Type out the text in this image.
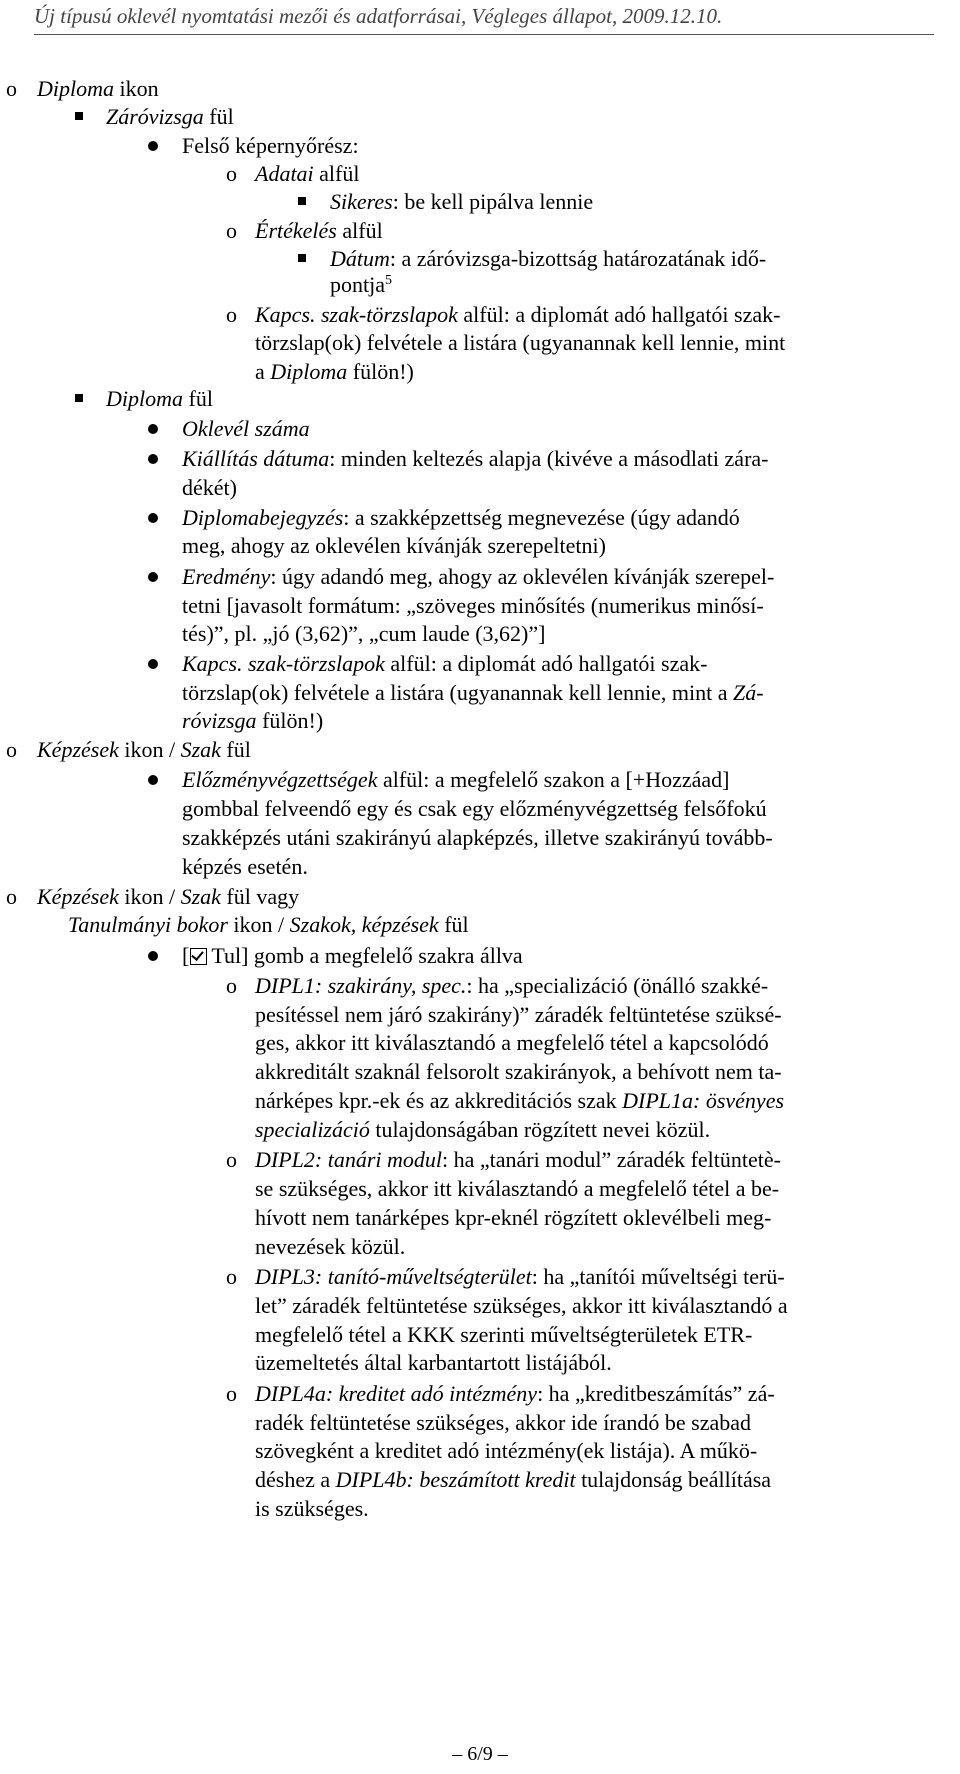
Új típusú oklevél nyomtatási mezői és adatforrásai, Végleges állapot, 2009.12.10.
o Diploma ikon
Záróvizsga fül
Felső képernyőrész:
o Adatai alfül
Sikeres: be kell pipálva lennie
o Értékelés alfül
Dátum: a záróvizsga-bizottság határozatának idő-
pontja$^5$
o Kapcs. szak-törzslapok alfül: a diplomát adó hallgatói szak-
törzslap(ok) felvétele a listára (ugyanannak kell lennie, mint
a Diploma fülön!)
Diploma fül
Oklevél száma
Kiállítás dátuma: minden keltezés alapja (kivéve a másodlati zára-
dékét)
Diplomabejegyzés: a szakképzettség megnevezése (úgy adandó
meg, ahogy az oklevélen kívánják szerepeltetni)
Eredmény: úgy adandó meg, ahogy az oklevélen kívánják szerepel-
tetni [javasolt formátum: „szöveges minősítés (numerikus minősí-
tés)”, pl. „jó (3,62)”, „cum laude (3,62)”]
Kapcs. szak-törzslapok alfül: a diplomát adó hallgatói szak-
törzslap(ok) felvétele a listára (ugyanannak kell lennie, mint a Zá-
róvizsga fülön!)
o Képzések ikon / Szak fül
Előzményvégzettségek alfül: a megfelelő szakon a [+Hozzáad]
gombbal felveendő egy és csak egy előzményvégzettség felsőfokú
szakképzés utáni szakirányú alapképzés, illetve szakirányú tovább-
képzés esetén.
o Képzések ikon / Szak fül vagy
Tanulmányi bokor ikon / Szakok, képzések fül
[ Tul] gomb a megfelelő szakra állva
o DIPL1: szakirány, spec.: ha „specializáció (önálló szakké-
pesítéssel nem járó szakirány)” záradék feltüntetése szüksé-
ges, akkor itt kiválasztandó a megfelelő tétel a kapcsolódó
akkreditált szaknál felsorolt szakirányok, a behívott nem ta-
nárképes kpr.-ek és az akkreditációs szak DIPL1a: ösvényes
specializáció tulajdonságában rögzített nevei közül.
o DIPL2: tanári modul: ha „tanári modul” záradék feltüntetè-
se szükséges, akkor itt kiválasztandó a megfelelő tétel a be-
hívott nem tanárképes kpr-eknél rögzített oklevélbeli meg-
nevezések közül.
o DIPL3: tanító-műveltségterület: ha „tanítói műveltségi terü-
let” záradék feltüntetése szükséges, akkor itt kiválasztandó a
megfelelő tétel a KKK szerinti műveltségterületek ETR-
üzemeltetés által karbantartott listájából.
o DIPL4a: kreditet adó intézmény: ha „kreditbeszámítás” zá-
radék feltüntetése szükséges, akkor ide írandó be szabad
szövegként a kreditet adó intézmény(ek listája). A műkö-
déshez a DIPL4b: beszámított kredit tulajdonság beállítása
is szükséges.
– 6/9 –
